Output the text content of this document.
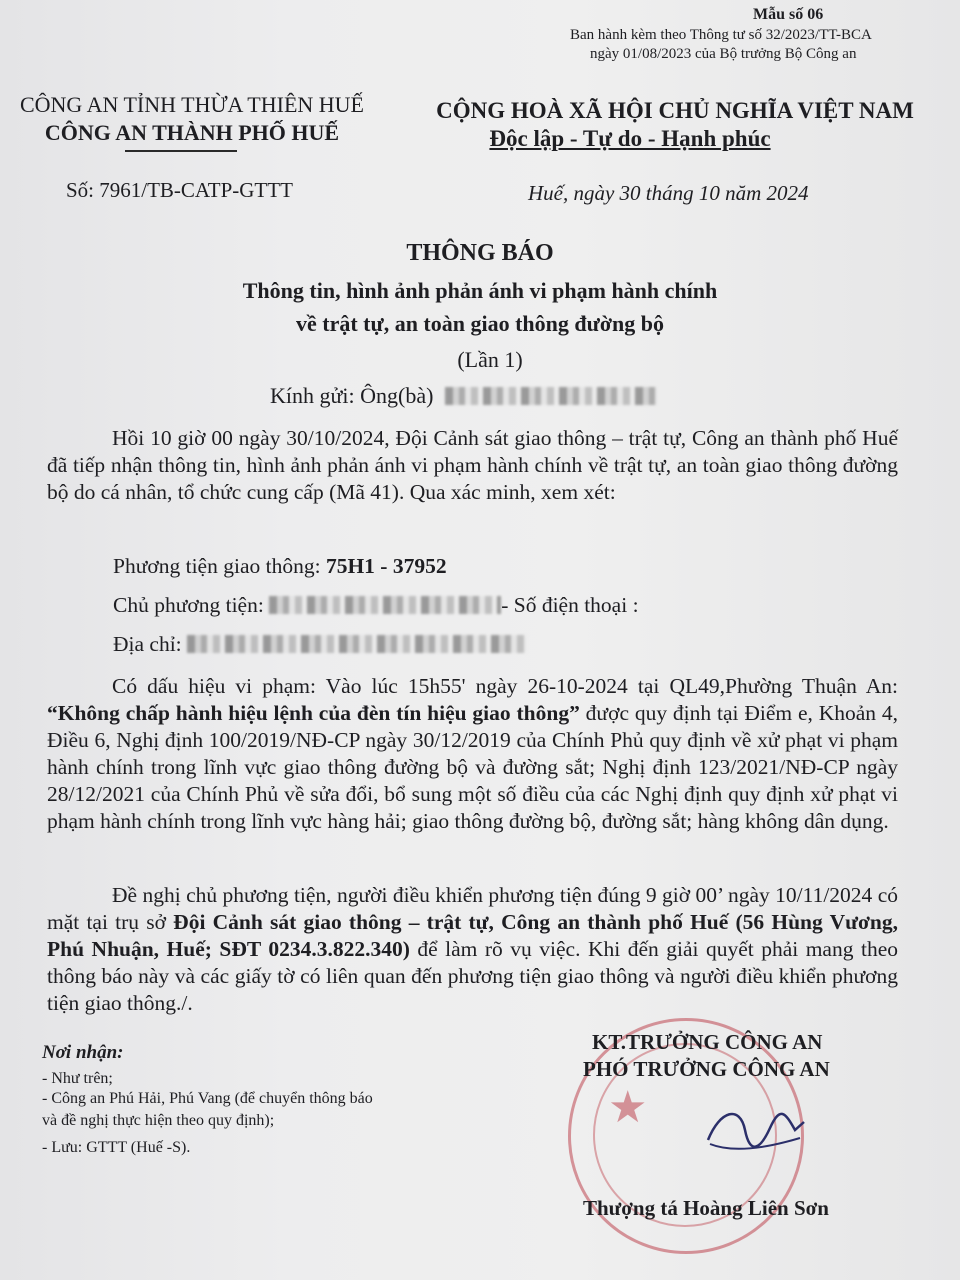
Mẫu số 06
Ban hành kèm theo Thông tư số 32/2023/TT-BCA
ngày 01/08/2023 của Bộ trưởng Bộ Công an
CÔNG AN TỈNH THỪA THIÊN HUẾ
CÔNG AN THÀNH PHỐ HUẾ
CỘNG HOÀ XÃ HỘI CHỦ NGHĨA VIỆT NAM
Độc lập - Tự do - Hạnh phúc
Số: 7961/TB-CATP-GTTT	Huế, ngày 30 tháng 10 năm 2024
THÔNG BÁO
Thông tin, hình ảnh phản ánh vi phạm hành chính
về trật tự, an toàn giao thông đường bộ
(Lần 1)
Kính gửi: Ông(bà)
Hồi 10 giờ 00 ngày 30/10/2024, Đội Cảnh sát giao thông – trật tự, Công an thành phố Huế đã tiếp nhận thông tin, hình ảnh phản ánh vi phạm hành chính về trật tự, an toàn giao thông đường bộ do cá nhân, tổ chức cung cấp (Mã 41). Qua xác minh, xem xét:
Phương tiện giao thông: 75H1 - 37952
Chủ phương tiện:	- Số điện thoại :
Địa chỉ:
Có dấu hiệu vi phạm: Vào lúc 15h55' ngày 26-10-2024 tại QL49,Phường Thuận An: “Không chấp hành hiệu lệnh của đèn tín hiệu giao thông” được quy định tại Điểm e, Khoản 4, Điều 6, Nghị định 100/2019/NĐ-CP ngày 30/12/2019 của Chính Phủ quy định về xử phạt vi phạm hành chính trong lĩnh vực giao thông đường bộ và đường sắt; Nghị định 123/2021/NĐ-CP ngày 28/12/2021 của Chính Phủ về sửa đổi, bổ sung một số điều của các Nghị định quy định xử phạt vi phạm hành chính trong lĩnh vực hàng hải; giao thông đường bộ, đường sắt; hàng không dân dụng.
Đề nghị chủ phương tiện, người điều khiển phương tiện đúng 9 giờ 00’ ngày 10/11/2024 có mặt tại trụ sở Đội Cảnh sát giao thông – trật tự, Công an thành phố Huế (56 Hùng Vương, Phú Nhuận, Huế; SĐT 0234.3.822.340) để làm rõ vụ việc. Khi đến giải quyết phải mang theo thông báo này và các giấy tờ có liên quan đến phương tiện giao thông và người điều khiển phương tiện giao thông./.
Nơi nhận:
- Như trên;
- Công an Phú Hải, Phú Vang (để chuyển thông báo
và đề nghị thực hiện theo quy định);
- Lưu: GTTT (Huế -S).
★
KT.TRƯỞNG CÔNG AN
PHÓ TRƯỞNG CÔNG AN
Thượng tá Hoàng Liên Sơn
